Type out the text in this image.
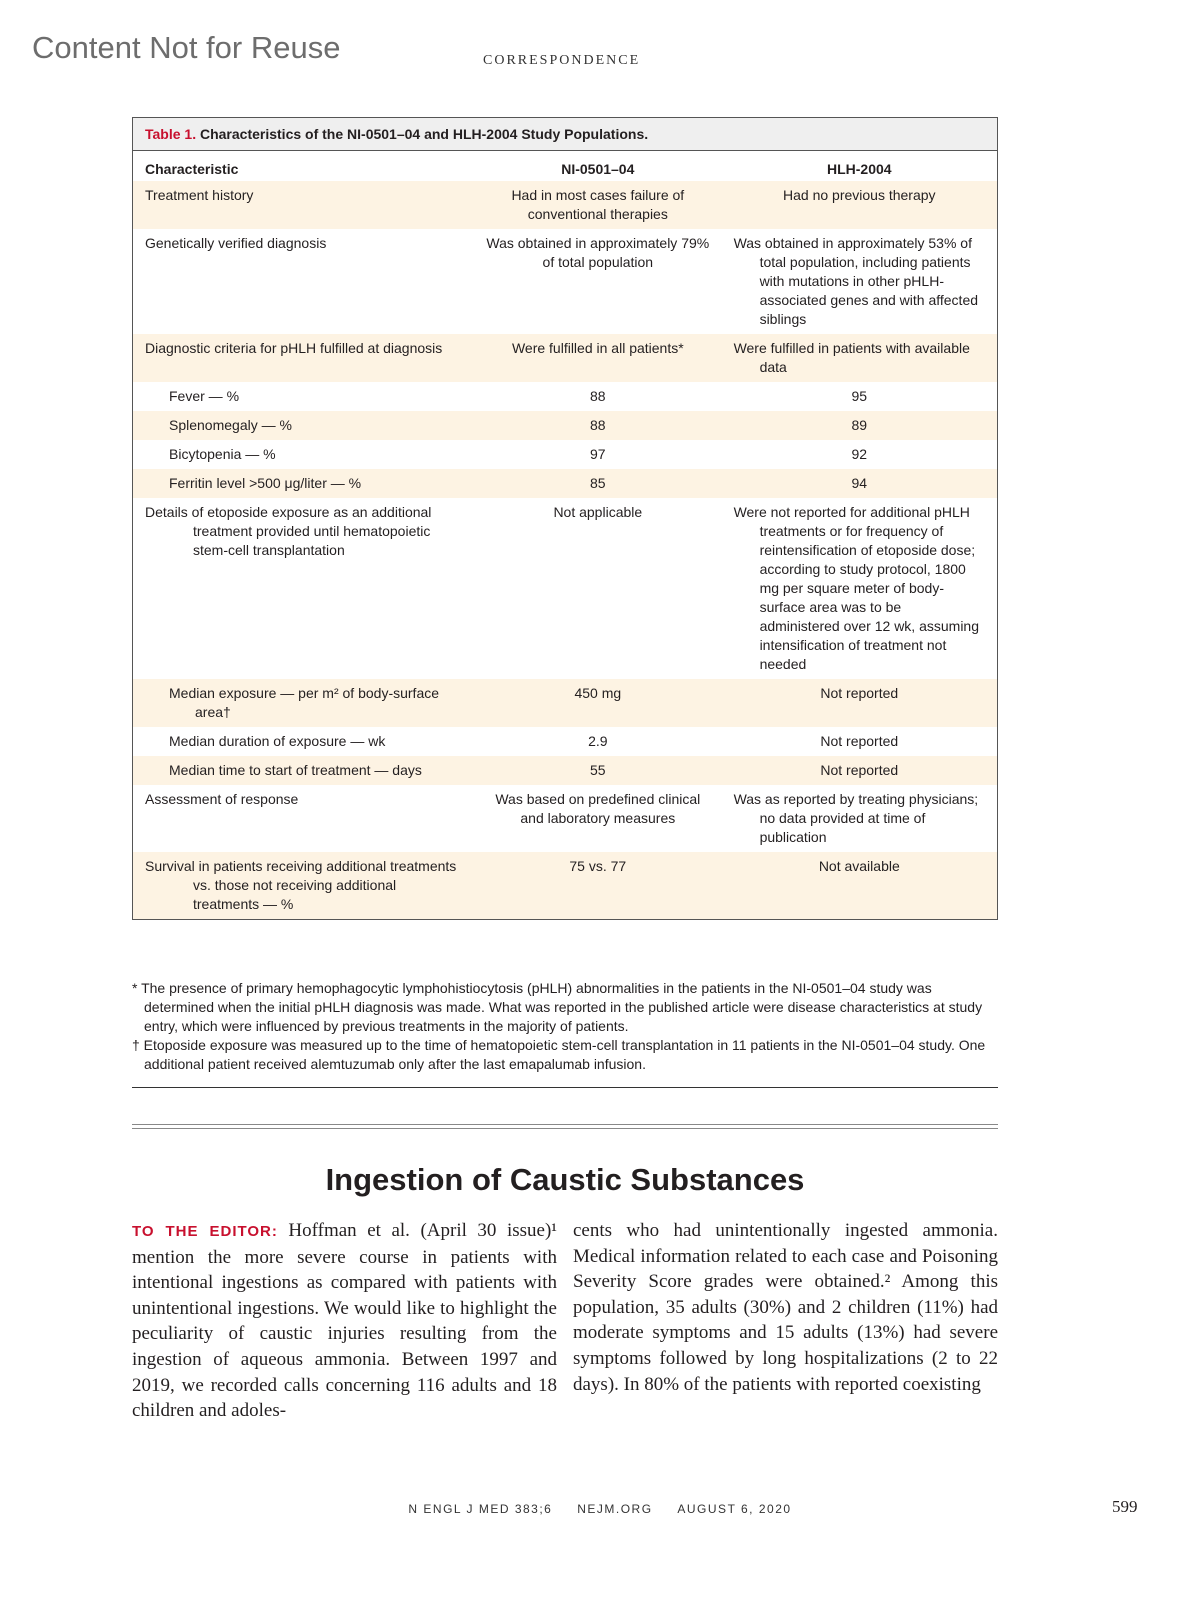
Content Not for Reuse	CORRESPONDENCE
Table 1. Characteristics of the NI-0501–04 and HLH-2004 Study Populations.
Characteristic	NI-0501–04	HLH-2004
Treatment history	Had in most cases failure of conventional therapies	Had no previous therapy
Genetically verified diagnosis	Was obtained in approximately 79% of total population	Was obtained in approximately 53% of total population, including patients with mutations in other pHLH-associated genes and with affected siblings
Diagnostic criteria for pHLH fulfilled at diagnosis	Were fulfilled in all patients*	Were fulfilled in patients with available data
Fever — %	88	95
Splenomegaly — %	88	89
Bicytopenia — %	97	92
Ferritin level >500 μg/liter — %	85	94
Details of etoposide exposure as an additional treatment provided until hematopoietic stem-cell transplantation	Not applicable	Were not reported for additional pHLH treatments or for frequency of reintensification of etoposide dose; according to study protocol, 1800 mg per square meter of body-surface area was to be administered over 12 wk, assuming intensification of treatment not needed
Median exposure — per m² of body-surface area†	450 mg	Not reported
Median duration of exposure — wk	2.9	Not reported
Median time to start of treatment — days	55	Not reported
Assessment of response	Was based on predefined clinical and laboratory measures	Was as reported by treating physicians; no data provided at time of publication
Survival in patients receiving additional treatments vs. those not receiving additional treatments — %	75 vs. 77	Not available

* The presence of primary hemophagocytic lymphohistiocytosis (pHLH) abnormalities in the patients in the NI-0501–04 study was determined when the initial pHLH diagnosis was made. What was reported in the published article were disease characteristics at study entry, which were influenced by previous treatments in the majority of patients.

† Etoposide exposure was measured up to the time of hematopoietic stem-cell transplantation in 11 patients in the NI-0501–04 study. One additional patient received alemtuzumab only after the last emapalumab infusion.

Ingestion of Caustic Substances
TO THE EDITOR: Hoffman et al. (April 30 issue)¹ mention the more severe course in patients with intentional ingestions as compared with patients with unintentional ingestions. We would like to highlight the peculiarity of caustic injuries resulting from the ingestion of aqueous ammonia. Between 1997 and 2019, we recorded calls concerning 116 adults and 18 children and adoles-
cents who had unintentionally ingested ammonia. Medical information related to each case and Poisoning Severity Score grades were obtained.² Among this population, 35 adults (30%) and 2 children (11%) had moderate symptoms and 15 adults (13%) had severe symptoms followed by long hospitalizations (2 to 22 days). In 80% of the patients with reported coexisting
N ENGL J MED 383;6 NEJM.ORG AUGUST 6, 2020	599
